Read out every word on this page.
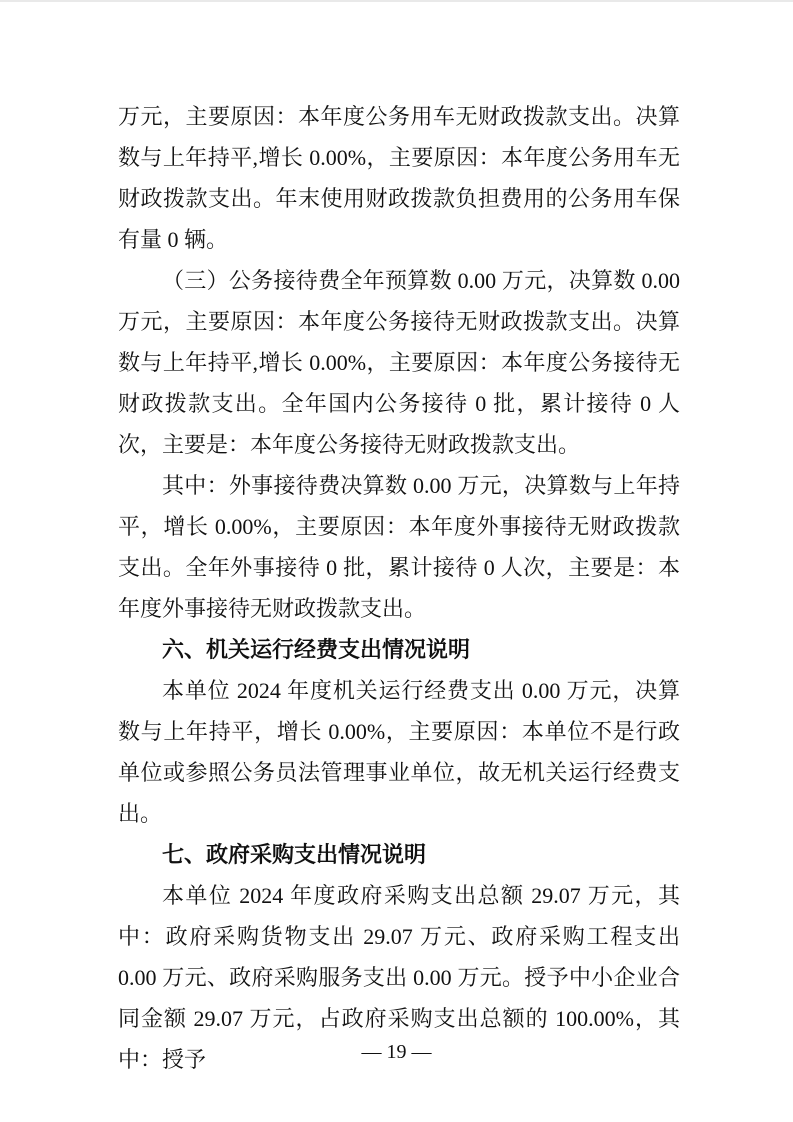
万元，主要原因：本年度公务用车无财政拨款支出。决算数与上年持平,增长 0.00%，主要原因：本年度公务用车无财政拨款支出。年末使用财政拨款负担费用的公务用车保有量 0 辆。
（三）公务接待费全年预算数 0.00 万元，决算数 0.00 万元，主要原因：本年度公务接待无财政拨款支出。决算数与上年持平,增长 0.00%，主要原因：本年度公务接待无财政拨款支出。全年国内公务接待 0 批，累计接待 0 人次，主要是：本年度公务接待无财政拨款支出。
其中：外事接待费决算数 0.00 万元，决算数与上年持平，增长 0.00%，主要原因：本年度外事接待无财政拨款支出。全年外事接待 0 批，累计接待 0 人次，主要是：本年度外事接待无财政拨款支出。
六、机关运行经费支出情况说明
本单位 2024 年度机关运行经费支出 0.00 万元，决算数与上年持平，增长 0.00%，主要原因：本单位不是行政单位或参照公务员法管理事业单位，故无机关运行经费支出。
七、政府采购支出情况说明
本单位 2024 年度政府采购支出总额 29.07 万元，其中：政府采购货物支出 29.07 万元、政府采购工程支出 0.00 万元、政府采购服务支出 0.00 万元。授予中小企业合同金额 29.07 万元，占政府采购支出总额的 100.00%，其中：授予	— 19 —
